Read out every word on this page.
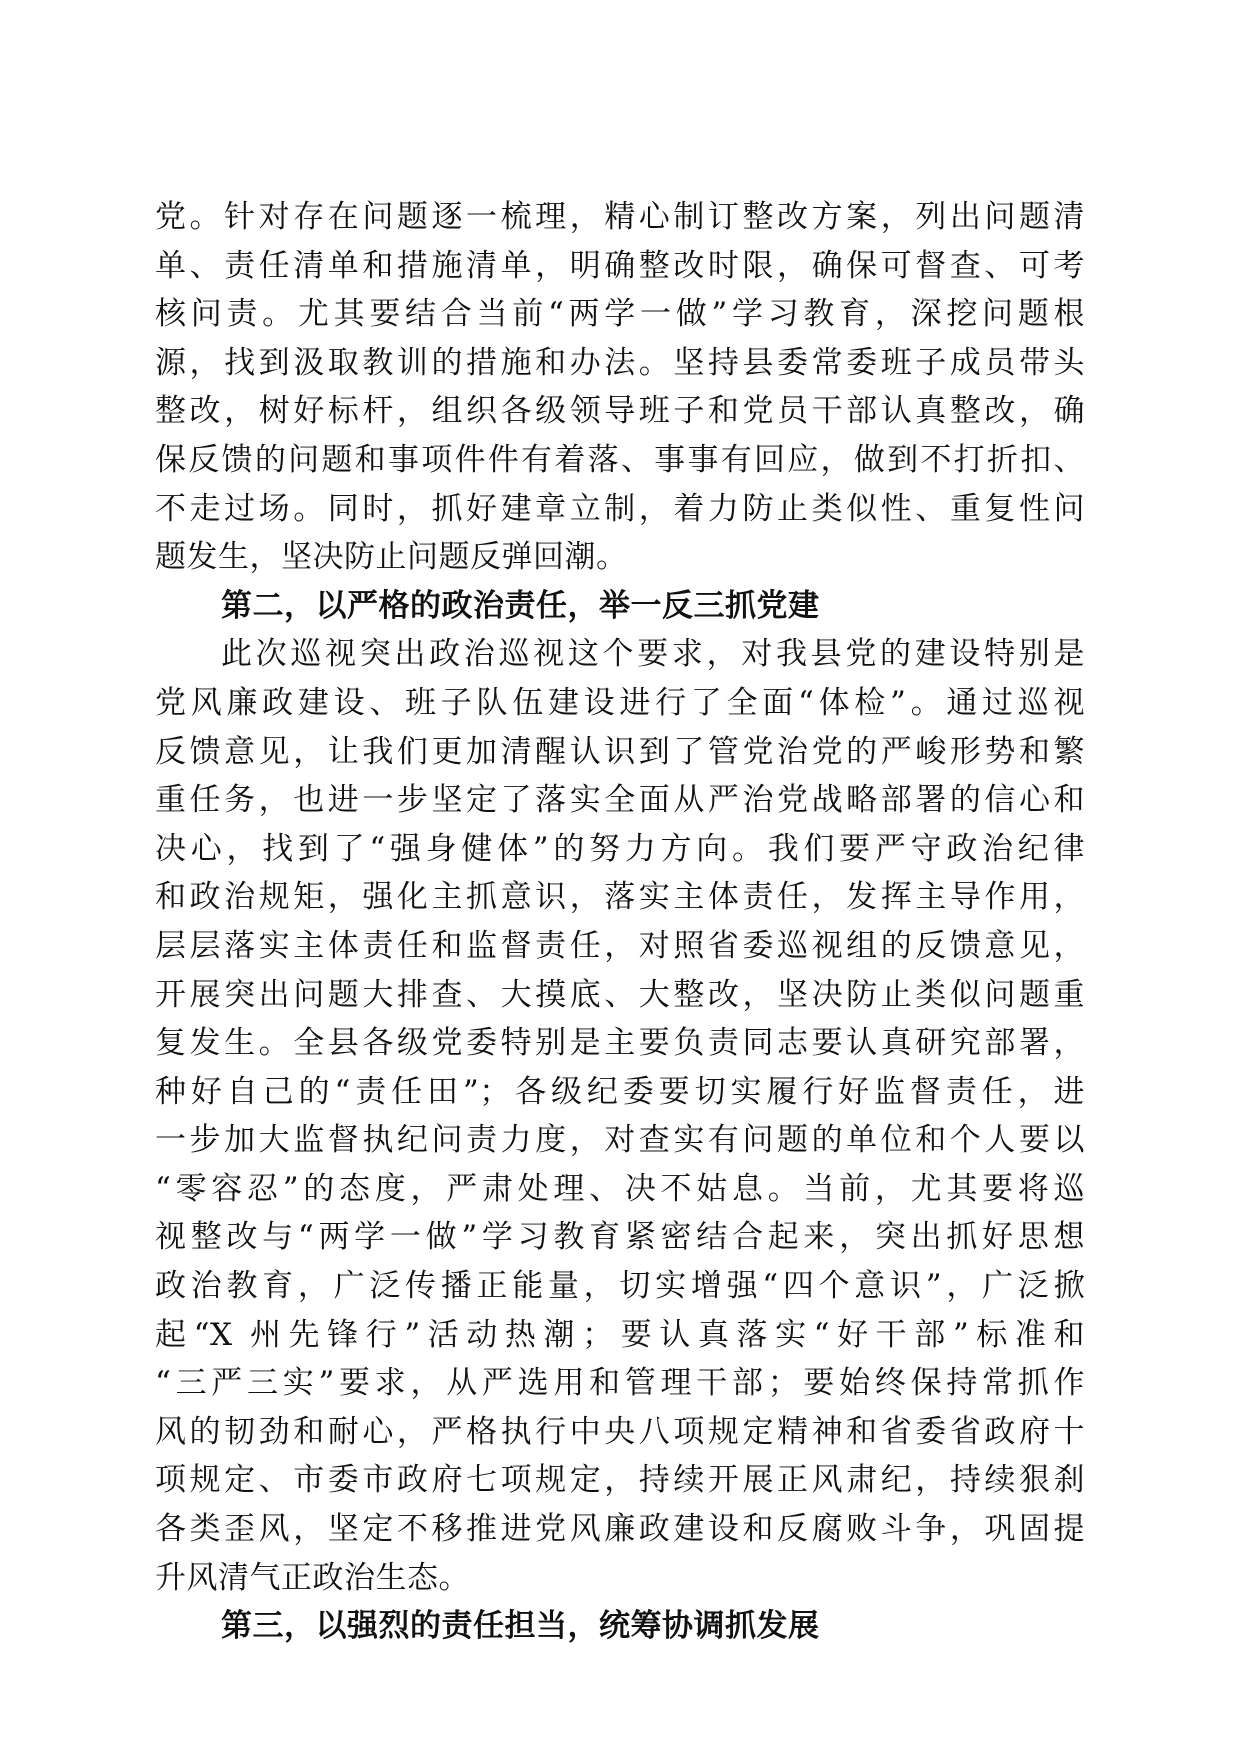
党。针对存在问题逐一梳理，精心制订整改方案，列出问题清
单、责任清单和措施清单，明确整改时限，确保可督查、可考
核问责。尤其要结合当前“两学一做”学习教育，深挖问题根
源，找到汲取教训的措施和办法。坚持县委常委班子成员带头
整改，树好标杆，组织各级领导班子和党员干部认真整改，确
保反馈的问题和事项件件有着落、事事有回应，做到不打折扣、
不走过场。同时，抓好建章立制，着力防止类似性、重复性问
题发生，坚决防止问题反弹回潮。
第二，以严格的政治责任，举一反三抓党建
此次巡视突出政治巡视这个要求，对我县党的建设特别是
党风廉政建设、班子队伍建设进行了全面“体检”。通过巡视
反馈意见，让我们更加清醒认识到了管党治党的严峻形势和繁
重任务，也进一步坚定了落实全面从严治党战略部署的信心和
决心，找到了“强身健体”的努力方向。我们要严守政治纪律
和政治规矩，强化主抓意识，落实主体责任，发挥主导作用，
层层落实主体责任和监督责任，对照省委巡视组的反馈意见，
开展突出问题大排查、大摸底、大整改，坚决防止类似问题重
复发生。全县各级党委特别是主要负责同志要认真研究部署，
种好自己的“责任田”；各级纪委要切实履行好监督责任，进
一步加大监督执纪问责力度，对查实有问题的单位和个人要以
“零容忍”的态度，严肃处理、决不姑息。当前，尤其要将巡
视整改与“两学一做”学习教育紧密结合起来，突出抓好思想
政治教育，广泛传播正能量，切实增强“四个意识”，广泛掀
起“X 州先锋行”活动热潮；要认真落实“好干部”标准和
“三严三实”要求，从严选用和管理干部；要始终保持常抓作
风的韧劲和耐心，严格执行中央八项规定精神和省委省政府十
项规定、市委市政府七项规定，持续开展正风肃纪，持续狠刹
各类歪风，坚定不移推进党风廉政建设和反腐败斗争，巩固提
升风清气正政治生态。
第三，以强烈的责任担当，统筹协调抓发展
